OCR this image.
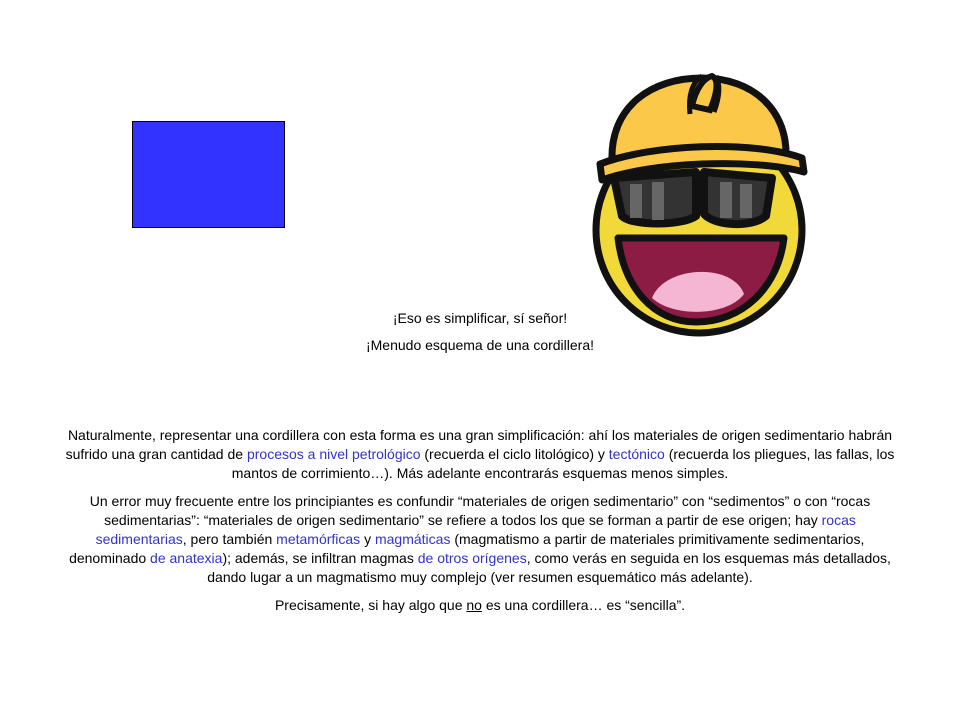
¡Eso es simplificar, sí señor!
¡Menudo esquema de una cordillera!

Naturalmente, representar una cordillera con esta forma es una gran simplificación: ahí los materiales de origen sedimentario habrán sufrido una gran cantidad de procesos a nivel petrológico (recuerda el ciclo litológico) y tectónico (recuerda los pliegues, las fallas, los mantos de corrimiento…). Más adelante encontrarás esquemas menos simples.

Un error muy frecuente entre los principiantes es confundir “materiales de origen sedimentario” con “sedimentos” o con “rocas sedimentarias”: “materiales de origen sedimentario” se refiere a todos los que se forman a partir de ese origen; hay rocas sedimentarias, pero también metamórficas y magmáticas (magmatismo a partir de materiales primitivamente sedimentarios, denominado de anatexia); además, se infiltran magmas de otros orígenes, como verás en seguida en los esquemas más detallados, dando lugar a un magmatismo muy complejo (ver resumen esquemático más adelante).

Precisamente, si hay algo que no es una cordillera… es “sencilla”.
